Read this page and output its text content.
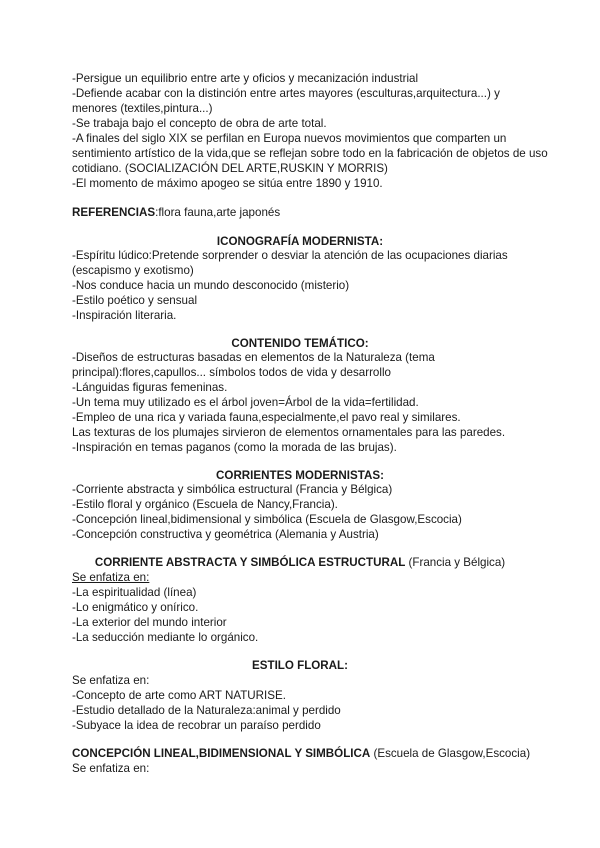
-Persigue un equilibrio entre arte y oficios y mecanización industrial
-Defiende acabar con la distinción entre artes mayores (esculturas,arquitectura...) y
menores (textiles,pintura...)
-Se trabaja bajo el concepto de obra de arte total.
-A finales del siglo XIX se perfilan en Europa nuevos movimientos que comparten un
sentimiento artístico de la vida,que se reflejan sobre todo en la fabricación de objetos de uso
cotidiano. (SOCIALIZACIÓN DEL ARTE,RUSKIN Y MORRIS)
-El momento de máximo apogeo se sitúa entre 1890 y 1910.
REFERENCIAS:flora fauna,arte japonés
ICONOGRAFÍA MODERNISTA:
-Espíritu lúdico:Pretende sorprender o desviar la atención de las ocupaciones diarias
(escapismo y exotismo)
-Nos conduce hacia un mundo desconocido (misterio)
-Estilo poético y sensual
-Inspiración literaria.
CONTENIDO TEMÁTICO:
-Diseños de estructuras basadas en elementos de la Naturaleza (tema
principal):flores,capullos... símbolos todos de vida y desarrollo
-Lánguidas figuras femeninas.
-Un tema muy utilizado es el árbol joven=Árbol de la vida=fertilidad.
-Empleo de una rica y variada fauna,especialmente,el pavo real y similares.
Las texturas de los plumajes sirvieron de elementos ornamentales para las paredes.
-Inspiración en temas paganos (como la morada de las brujas).
CORRIENTES MODERNISTAS:
-Corriente abstracta y simbólica estructural (Francia y Bélgica)
-Estilo floral y orgánico (Escuela de Nancy,Francia).
-Concepción lineal,bidimensional y simbólica (Escuela de Glasgow,Escocia)
-Concepción constructiva y geométrica (Alemania y Austria)
CORRIENTE ABSTRACTA Y SIMBÓLICA ESTRUCTURAL (Francia y Bélgica)
Se enfatiza en:
-La espiritualidad (línea)
-Lo enigmático y onírico.
-La exterior del mundo interior
-La seducción mediante lo orgánico.
ESTILO FLORAL:
Se enfatiza en:
-Concepto de arte como ART NATURISE.
-Estudio detallado de la Naturaleza:animal y perdido
-Subyace la idea de recobrar un paraíso perdido
CONCEPCIÓN LINEAL,BIDIMENSIONAL Y SIMBÓLICA (Escuela de Glasgow,Escocia)
Se enfatiza en:
